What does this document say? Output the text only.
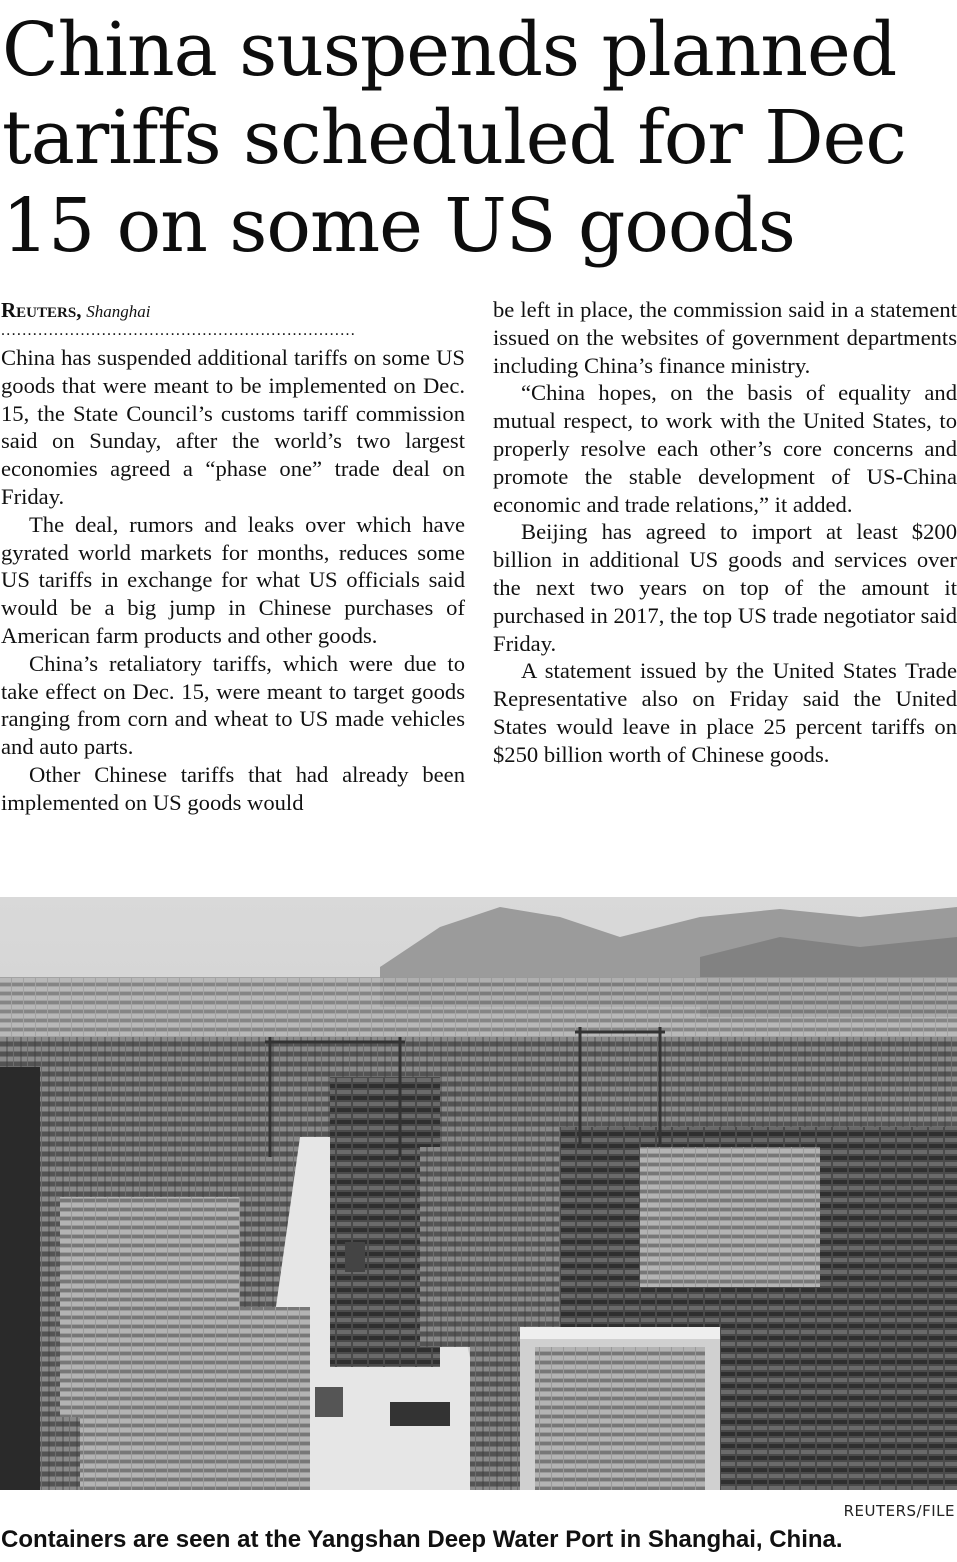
China suspends planned
tariffs scheduled for Dec
15 on some US goods
Reuters, Shanghai
...................................................................

China has suspended additional tariffs on some US goods that were meant to be implemented on Dec. 15, the State Council’s customs tariff commission said on Sunday, after the world’s two largest economies agreed a “phase one” trade deal on Friday.

The deal, rumors and leaks over which have gyrated world markets for months, reduces some US tariffs in exchange for what US officials said would be a big jump in Chinese purchases of American farm products and other goods.

China’s retaliatory tariffs, which were due to take effect on Dec. 15, were meant to target goods ranging from corn and wheat to US made vehicles and auto parts.

Other Chinese tariffs that had already been implemented on US goods would

be left in place, the commission said in a statement issued on the websites of government departments including China’s finance ministry.

“China hopes, on the basis of equality and mutual respect, to work with the United States, to properly resolve each other’s core concerns and promote the stable development of US-China economic and trade relations,” it added.

Beijing has agreed to import at least $200 billion in additional US goods and services over the next two years on top of the amount it purchased in 2017, the top US trade negotiator said Friday.

A statement issued by the United States Trade Representative also on Friday said the United States would leave in place 25 percent tariffs on $250 billion worth of Chinese goods.

REUTERS/FILE
Containers are seen at the Yangshan Deep Water Port in Shanghai, China.
